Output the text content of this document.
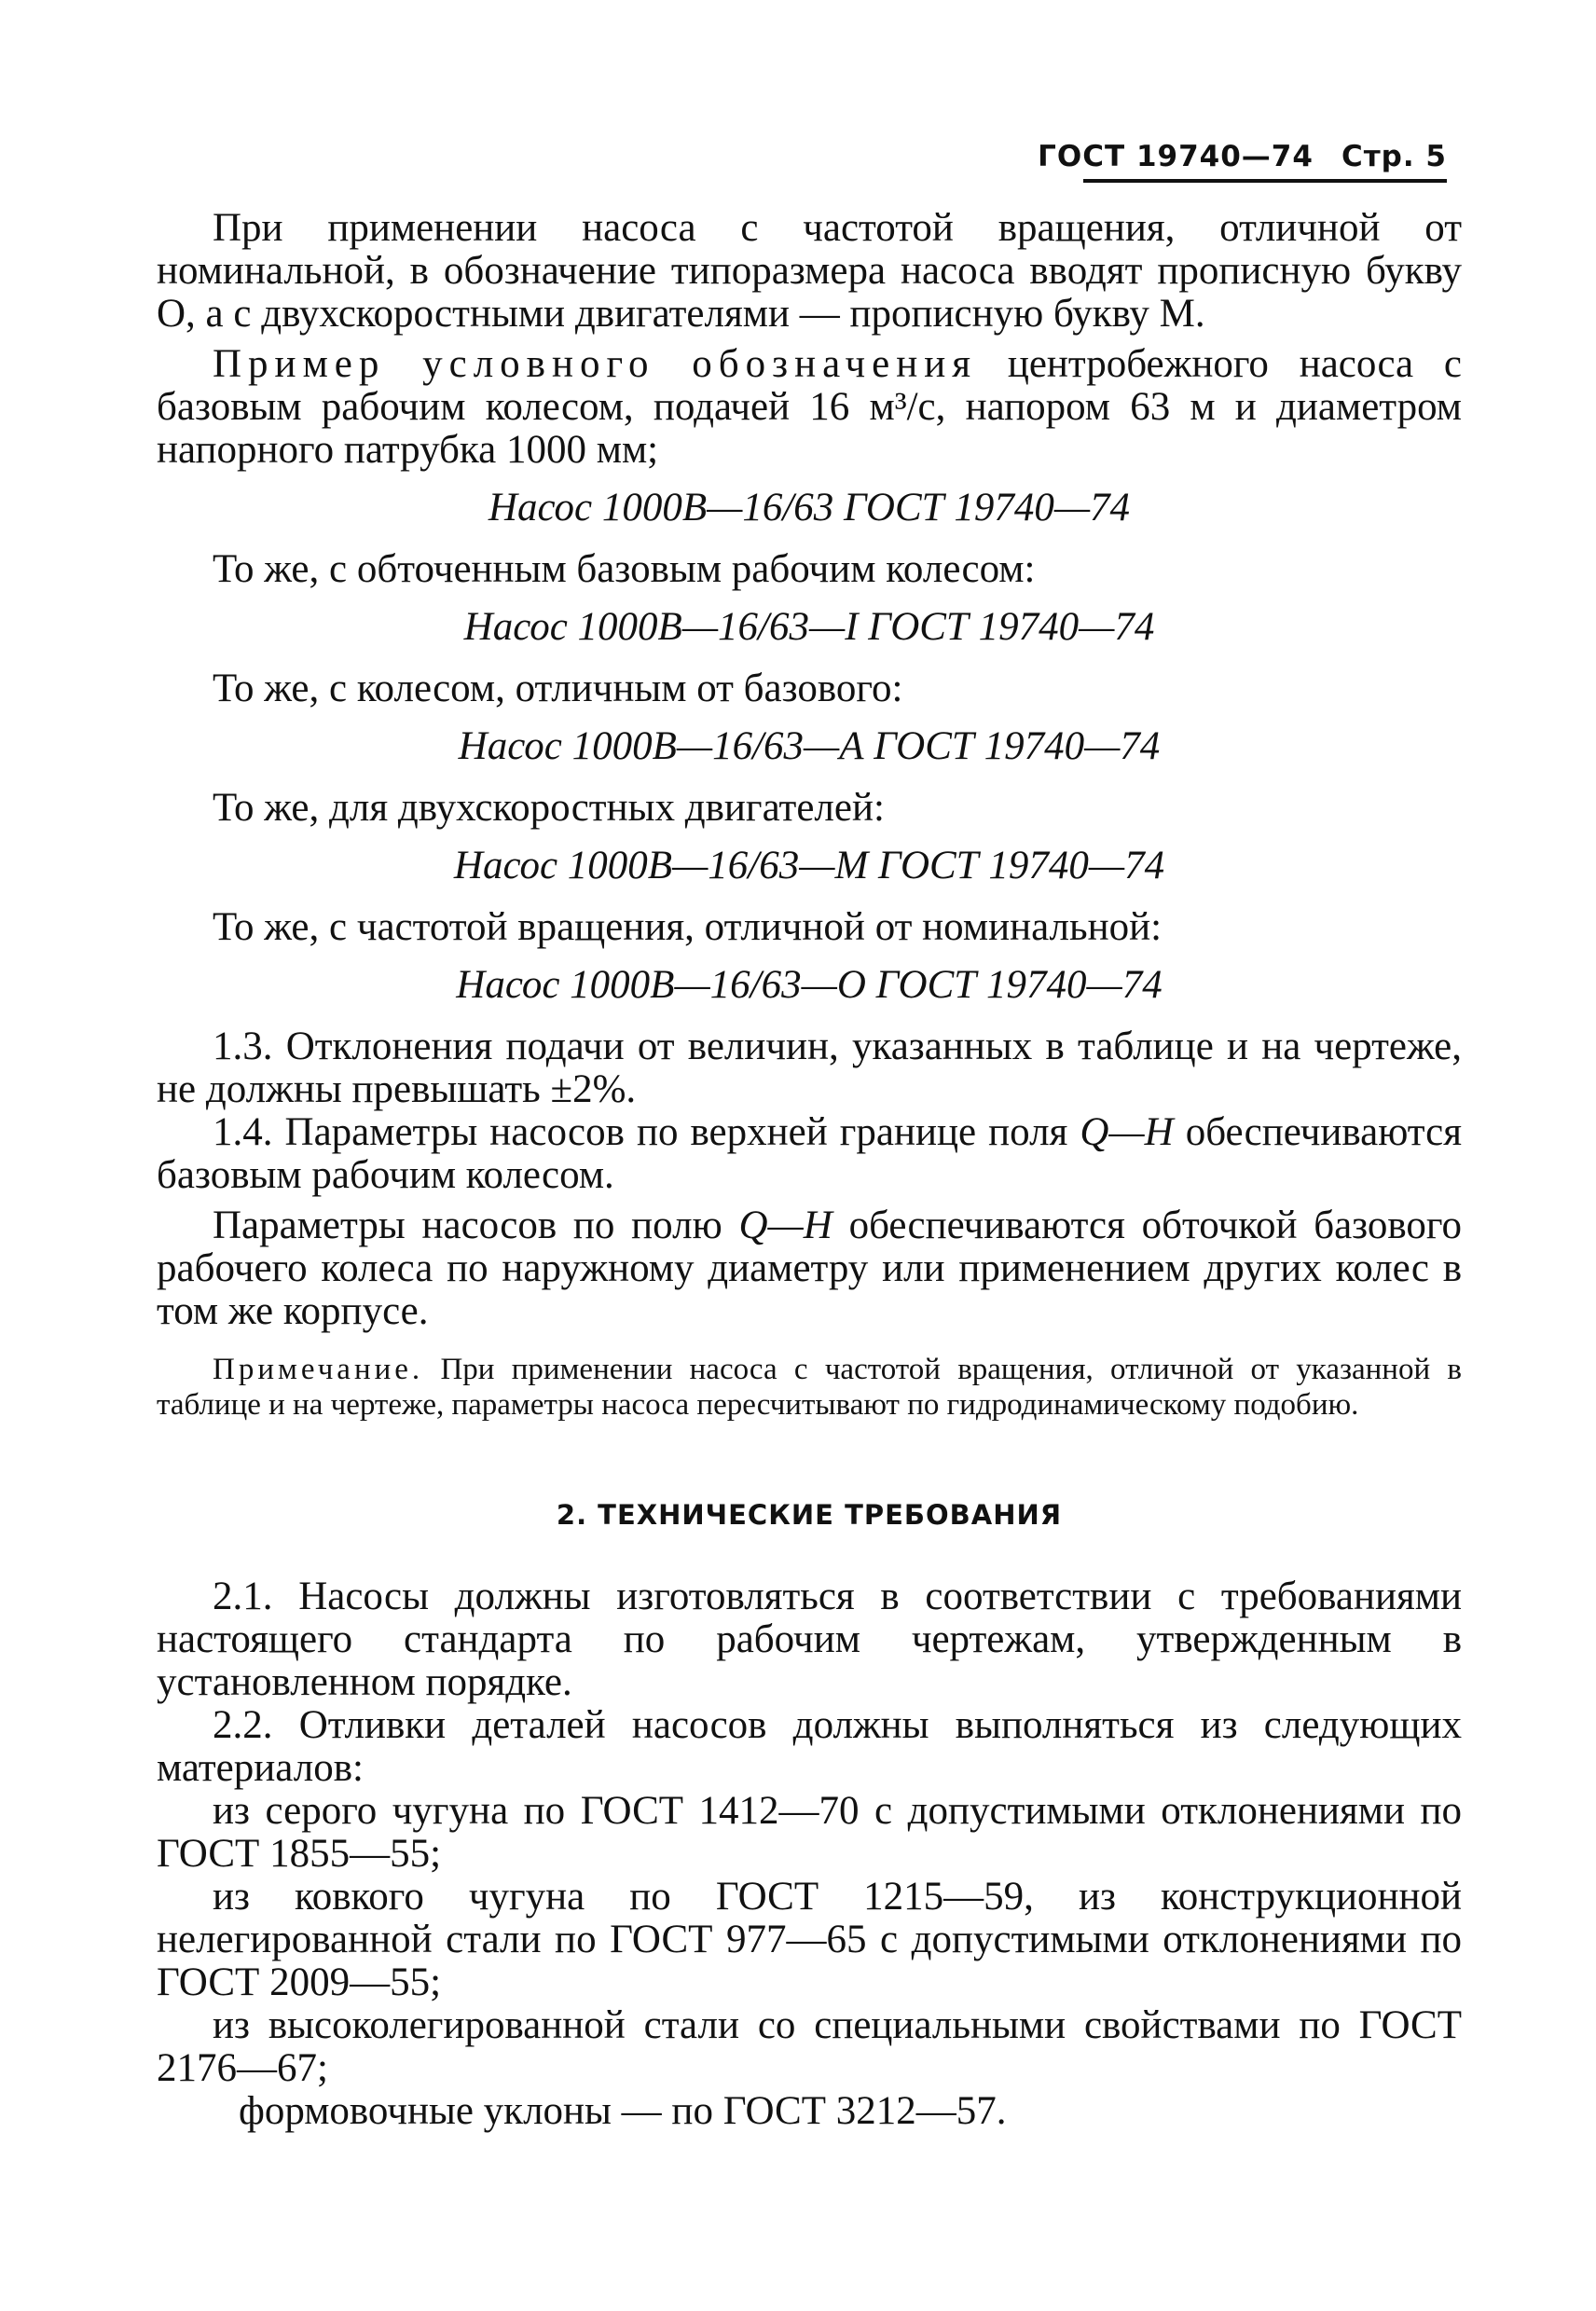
ГОСТ 19740—74 Стр. 5

При применении насоса с частотой вращения, отличной от номинальной, в обозначение типоразмера насоса вводят прописную букву О, а с двухскоростными двигателями — прописную букву М.

Пример условного обозначения центробежного насоса с базовым рабочим колесом, подачей 16 м³/с, напором 63 м и диаметром напорного патрубка 1000 мм;

Насос 1000В—16/63 ГОСТ 19740—74

То же, с обточенным базовым рабочим колесом:

Насос 1000В—16/63—I ГОСТ 19740—74

То же, с колесом, отличным от базового:

Насос 1000В—16/63—А ГОСТ 19740—74

То же, для двухскоростных двигателей:

Насос 1000В—16/63—М ГОСТ 19740—74

То же, с частотой вращения, отличной от номинальной:

Насос 1000В—16/63—О ГОСТ 19740—74

1.3. Отклонения подачи от величин, указанных в таблице и на чертеже, не должны превышать ±2%.

1.4. Параметры насосов по верхней границе поля Q—H обеспечиваются базовым рабочим колесом.

Параметры насосов по полю Q—H обеспечиваются обточкой базового рабочего колеса по наружному диаметру или применением других колес в том же корпусе.

Примечание. При применении насоса с частотой вращения, отличной от указанной в таблице и на чертеже, параметры насоса пересчитывают по гидродинамическому подобию.

2. ТЕХНИЧЕСКИЕ ТРЕБОВАНИЯ

2.1. Насосы должны изготовляться в соответствии с требованиями настоящего стандарта по рабочим чертежам, утвержденным в установленном порядке.

2.2. Отливки деталей насосов должны выполняться из следующих материалов:

из серого чугуна по ГОСТ 1412—70 с допустимыми отклонениями по ГОСТ 1855—55;

из ковкого чугуна по ГОСТ 1215—59, из конструкционной нелегированной стали по ГОСТ 977—65 с допустимыми отклонениями по ГОСТ 2009—55;

из высоколегированной стали со специальными свойствами по ГОСТ 2176—67;

формовочные уклоны — по ГОСТ 3212—57.
